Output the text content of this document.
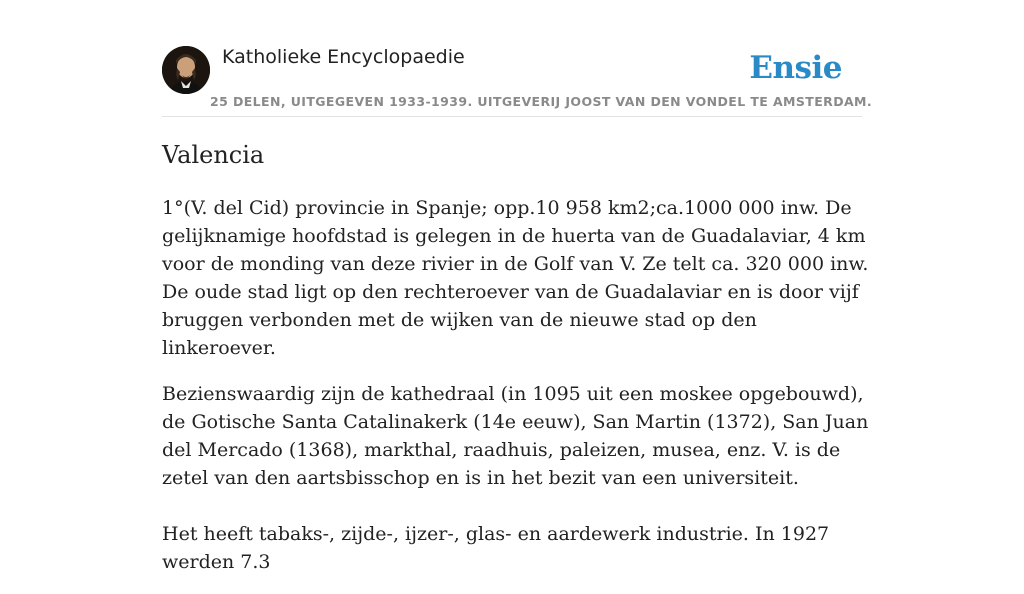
Katholieke Encyclopaedie	Ensie
25 DELEN, UITGEGEVEN 1933-1939. UITGEVERIJ JOOST VAN DEN VONDEL TE AMSTERDAM.
Valencia

1°(V. del Cid) provincie in Spanje; opp.10 958 km2;ca.1000 000 inw. De gelijknamige hoofdstad is gelegen in de huerta van de Guadalaviar, 4 km voor de monding van deze rivier in de Golf van V. Ze telt ca. 320 000 inw. De oude stad ligt op den rechteroever van de Guadalaviar en is door vijf bruggen verbonden met de wijken van de nieuwe stad op den linkeroever.

Bezienswaardig zijn de kathedraal (in 1095 uit een moskee opgebouwd), de Gotische Santa Catalinakerk (14e eeuw), San Martin (1372), San Juan del Mercado (1368), markthal, raadhuis, paleizen, musea, enz. V. is de zetel van den aartsbisschop en is in het bezit van een universiteit.

Het heeft tabaks-, zijde-, ijzer-, glas- en aardewerk industrie. In 1927 werden 7.3
